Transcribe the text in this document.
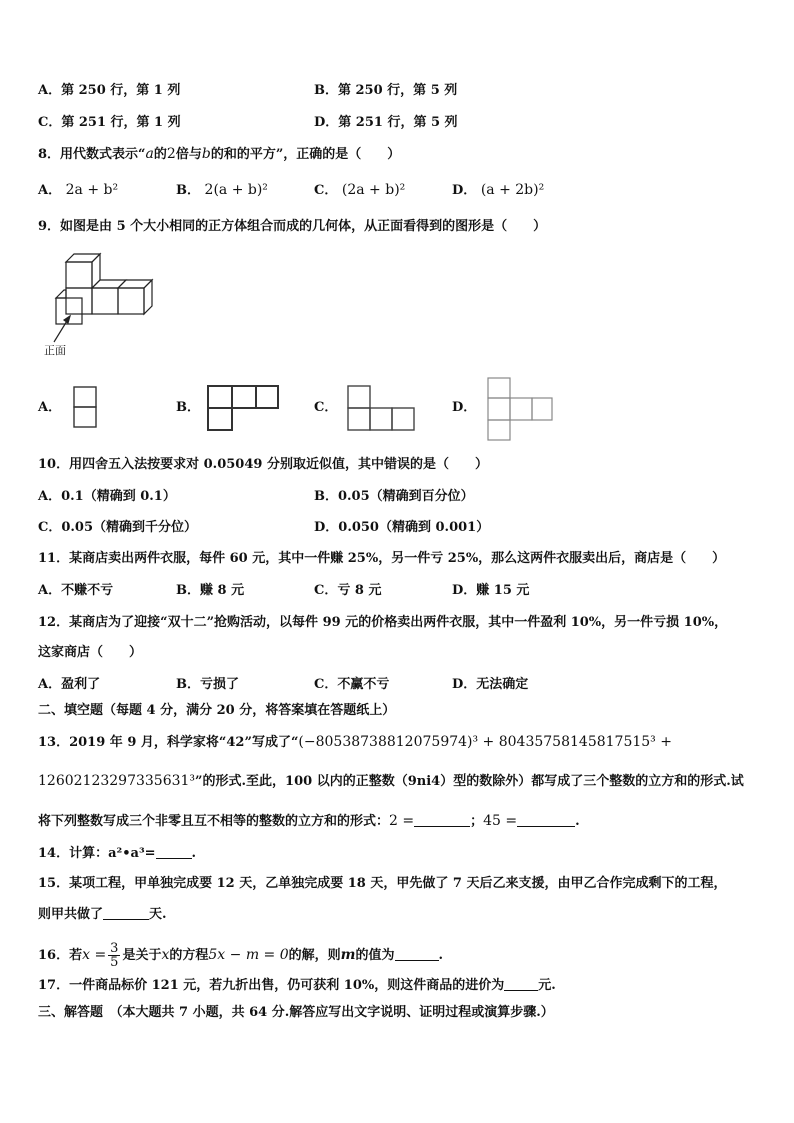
A．第 250 行，第 1 列	B．第 250 行，第 5 列
C．第 251 行，第 1 列	D．第 251 行，第 5 列
8．用代数式表示“a的2倍与b的和的平方”，正确的是（　　）
A． 2a + b²	B． 2(a + b)²	C． (2a + b)²	D． (a + 2b)²
9．如图是由 5 个大小相同的正方体组合而成的几何体，从正面看得到的图形是（　　）
正面
A．	B．	C．	D．
10．用四舍五入法按要求对 0.05049 分别取近似值，其中错误的是（　　）
A．0.1（精确到 0.1）	B．0.05（精确到百分位）
C．0.05（精确到千分位）	D．0.050（精确到 0.001）
11．某商店卖出两件衣服，每件 60 元，其中一件赚 25%，另一件亏 25%，那么这两件衣服卖出后，商店是（　　）
A．不赚不亏	B．赚 8 元	C．亏 8 元	D．赚 15 元
12．某商店为了迎接“双十二”抢购活动，以每件 99 元的价格卖出两件衣服，其中一件盈利 10%，另一件亏损 10%，
这家商店（　　）
A．盈利了	B．亏损了	C．不赢不亏	D．无法确定
二、填空题（每题 4 分，满分 20 分，将答案填在答题纸上）
13．2019 年 9 月，科学家将“42”写成了“(−80538738812075974)³ + 80435758145817515³ +
12602123297335631³”的形式.至此，100 以内的正整数（9ni4）型的数除外）都写成了三个整数的立方和的形式.试
将下列整数写成三个非零且互不相等的整数的立方和的形式：2 =	；45 =	.
14．计算：a²•a³=	.
15．某项工程，甲单独完成要 12 天，乙单独完成要 18 天，甲先做了 7 天后乙来支援，由甲乙合作完成剩下的工程，
则甲共做了	天.
16．若$x = \frac{3}{5}$ 是关于x的方程5x − m = 0的解，则m的值为	.
17．一件商品标价 121 元，若九折出售，仍可获利 10%，则这件商品的进价为	元.
三、解答题　（本大题共 7 小题，共 64 分.解答应写出文字说明、证明过程或演算步骤.）
